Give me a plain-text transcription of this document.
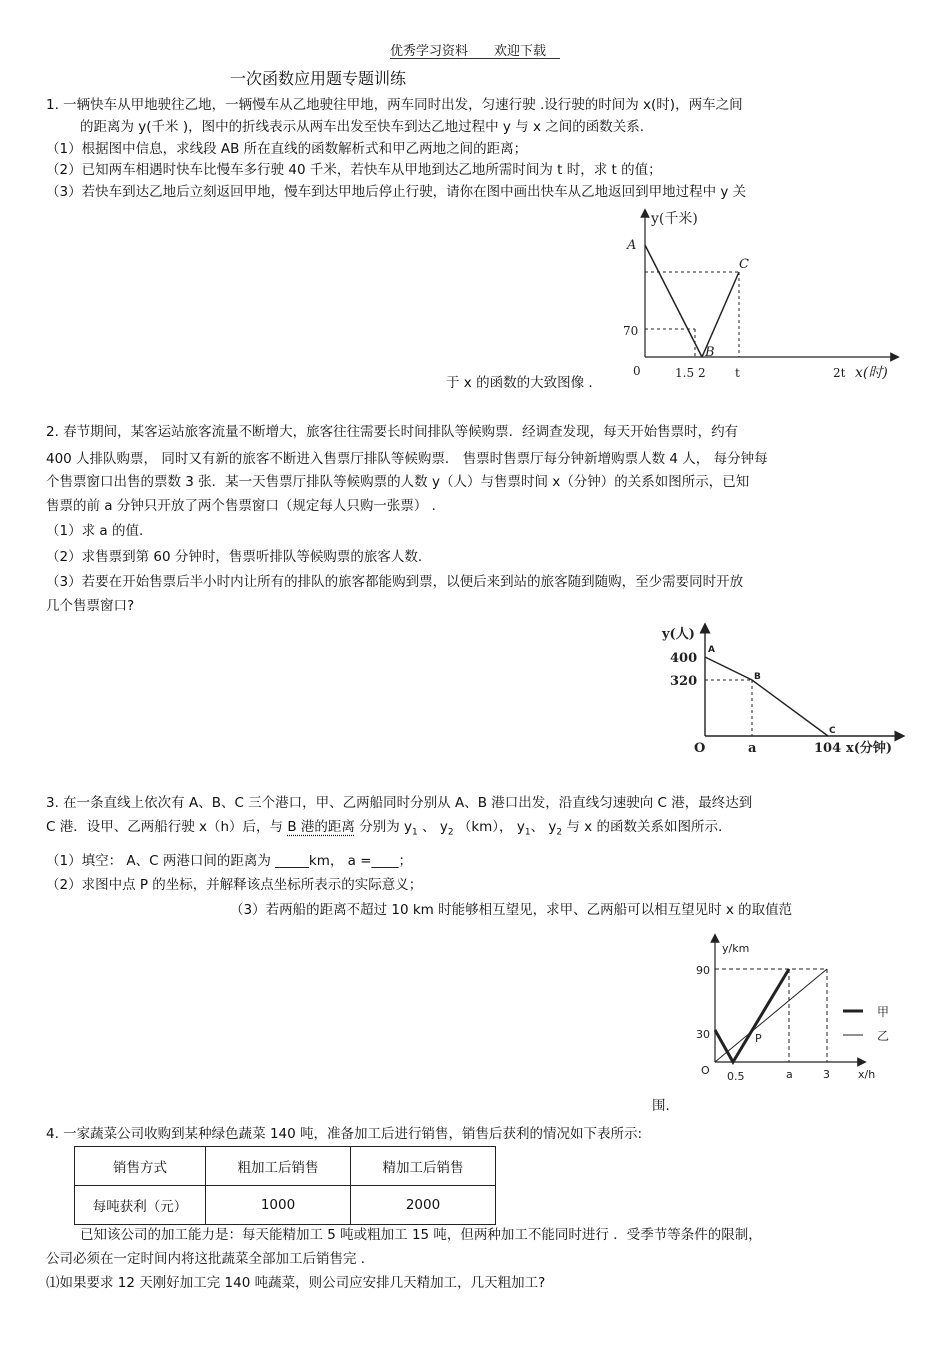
优秀学习资料　　欢迎下载
一次函数应用题专题训练
1. 一辆快车从甲地驶往乙地，一辆慢车从乙地驶往甲地，两车同时出发，匀速行驶 .设行驶的时间为 x(时)，两车之间
的距离为 y(千米 )，图中的折线表示从两车出发至快车到达乙地过程中 y 与 x 之间的函数关系.
（1）根据图中信息，求线段 AB 所在直线的函数解析式和甲乙两地之间的距离；
（2）已知两车相遇时快车比慢车多行驶 40 千米，若快车从甲地到达乙地所需时间为 t 时，求 t 的值；
（3）若快车到达乙地后立刻返回甲地，慢车到达甲地后停止行驶，请你在图中画出快车从乙地返回到甲地过程中 y 关
于 x 的函数的大致图像 .
y(千米)
x(时)
A
B
C
70
0	1.5 2 t	2t
2. 春节期间，某客运站旅客流量不断增大，旅客往往需要长时间排队等候购票．经调查发现，每天开始售票时，约有
400 人排队购票， 同时又有新的旅客不断进入售票厅排队等候购票． 售票时售票厅每分钟新增购票人数 4 人， 每分钟每
个售票窗口出售的票数 3 张．某一天售票厅排队等候购票的人数 y（人）与售票时间 x（分钟）的关系如图所示，已知
售票的前 a 分钟只开放了两个售票窗口（规定每人只购一张票） ．
（1）求 a 的值.
（2）求售票到第 60 分钟时，售票听排队等候购票的旅客人数.
（3）若要在开始售票后半小时内让所有的排队的旅客都能购到票，以便后来到站的旅客随到随购，至少需要同时开放
几个售票窗口?
y(人)
x(分钟)
400
320
O	a	104
A
B
C
3. 在一条直线上依次有 A、B、C 三个港口，甲、乙两船同时分别从 A、B 港口出发，沿直线匀速驶向 C 港，最终达到
C 港．设甲、乙两船行驶 x（h）后，与 B 港的距离 分别为 $y_1$ 、 $y_2$ （km）， $y_1$、 $y_2$ 与 x 的函数关系如图所示.
（1）填空： A、C 两港口间的距离为 _____km， a =____；
（2）求图中点 P 的坐标，并解释该点坐标所表示的实际意义；
（3）若两船的距离不超过 10 km 时能够相互望见，求甲、乙两船可以相互望见时 x 的取值范
围.
y/km
x/h
90
30
O 0.5	a	3
P
甲
乙
4. 一家蔬菜公司收购到某种绿色蔬菜 140 吨，准备加工后进行销售，销售后获利的情况如下表所示:
销售方式	粗加工后销售	精加工后销售
每吨获利（元）	1000	2000
已知该公司的加工能力是：每天能精加工 5 吨或粗加工 15 吨，但两种加工不能同时进行 ．受季节等条件的限制，
公司必须在一定时间内将这批蔬菜全部加工后销售完 ．
⑴如果要求 12 天刚好加工完 140 吨蔬菜，则公司应安排几天精加工，几天粗加工?
